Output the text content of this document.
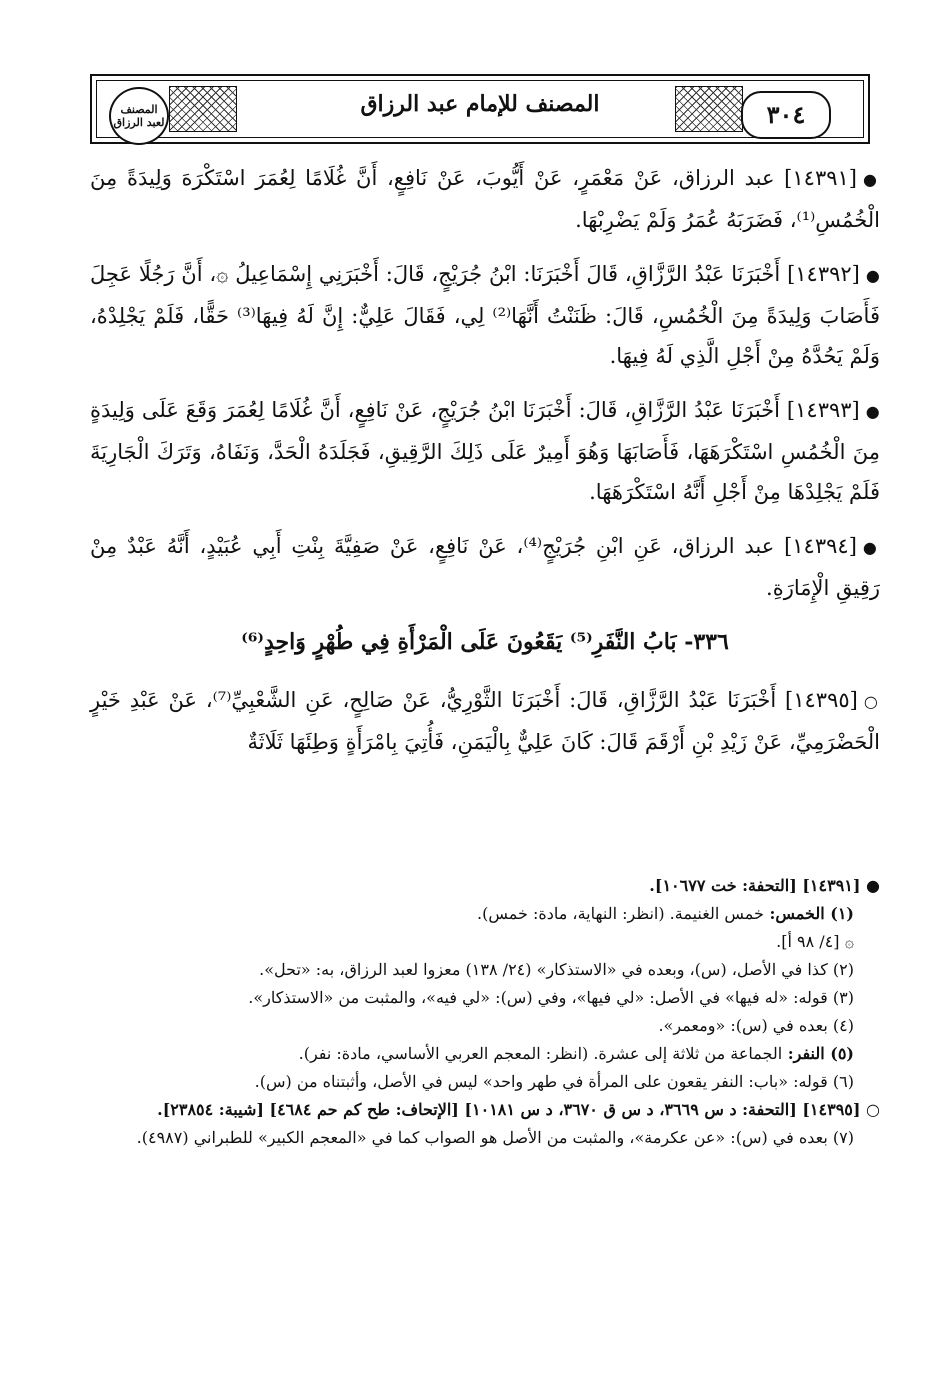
المصنف للإمام عبد الرزاق
المصنف
لعبد الرزاق	٣٠٤

●[١٤٣٩١] عبد الرزاق، عَنْ مَعْمَرٍ، عَنْ أَيُّوبَ، عَنْ نَافِعٍ، أَنَّ غُلَامًا لِعُمَرَ اسْتَكْرَهَ وَلِيدَةً مِنَ الْخُمُسِ⁽¹⁾، فَضَرَبَهُ عُمَرُ وَلَمْ يَضْرِبْهَا.

●[١٤٣٩٢] أَخْبَرَنَا عَبْدُ الرَّزَّاقِ، قَالَ أَخْبَرَنَا: ابْنُ جُرَيْجٍ، قَالَ: أَخْبَرَنِي إِسْمَاعِيلُ ۞، أَنَّ رَجُلًا عَجِلَ فَأَصَابَ وَلِيدَةً مِنَ الْخُمُسِ، قَالَ: ظَنَنْتُ أَنَّهَا⁽²⁾ لِي، فَقَالَ عَلِيٌّ: إِنَّ لَهُ فِيهَا⁽³⁾ حَقًّا، فَلَمْ يَجْلِدْهُ، وَلَمْ يَحُدَّهُ مِنْ أَجْلِ الَّذِي لَهُ فِيهَا.

●[١٤٣٩٣] أَخْبَرَنَا عَبْدُ الرَّزَّاقِ، قَالَ: أَخْبَرَنَا ابْنُ جُرَيْجٍ، عَنْ نَافِعٍ، أَنَّ غُلَامًا لِعُمَرَ وَقَعَ عَلَى وَلِيدَةٍ مِنَ الْخُمُسِ اسْتَكْرَهَهَا، فَأَصَابَهَا وَهُوَ أَمِيرٌ عَلَى ذَلِكَ الرَّقِيقِ، فَجَلَدَهُ الْحَدَّ، وَنَفَاهُ، وَتَرَكَ الْجَارِيَةَ فَلَمْ يَجْلِدْهَا مِنْ أَجْلِ أَنَّهُ اسْتَكْرَهَهَا.

●[١٤٣٩٤] عبد الرزاق، عَنِ ابْنِ جُرَيْجٍ⁽⁴⁾، عَنْ نَافِعٍ، عَنْ صَفِيَّةَ بِنْتِ أَبِي عُبَيْدٍ، أَنَّهُ عَبْدٌ مِنْ رَقِيقِ الْإِمَارَةِ.

٣٣٦- بَابُ النَّفَرِ⁽⁵⁾ يَقَعُونَ عَلَى الْمَرْأَةِ فِي طُهْرٍ وَاحِدٍ⁽⁶⁾

○[١٤٣٩٥] أَخْبَرَنَا عَبْدُ الرَّزَّاقِ، قَالَ: أَخْبَرَنَا الثَّوْرِيُّ، عَنْ صَالِحٍ، عَنِ الشَّعْبِيِّ⁽⁷⁾، عَنْ عَبْدِ خَيْرٍ الْحَضْرَمِيِّ، عَنْ زَيْدِ بْنِ أَرْقَمَ قَالَ: كَانَ عَلِيٌّ بِالْيَمَنِ، فَأُتِيَ بِامْرَأَةٍ وَطِئَهَا ثَلَاثَةٌ

● [١٤٣٩١] [التحفة: خت ١٠٦٧٧].

(١) الخمس: خمس الغنيمة. (انظر: النهاية، مادة: خمس).

۞ [٤/ ٩٨ أ].

(٢) كذا في الأصل، (س)، وبعده في «الاستذكار» (٢٤/ ١٣٨) معزوا لعبد الرزاق، به: «تحل».

(٣) قوله: «له فيها» في الأصل: «لي فيها»، وفي (س): «لي فيه»، والمثبت من «الاستذكار».

(٤) بعده في (س): «ومعمر».

(٥) النفر: الجماعة من ثلاثة إلى عشرة. (انظر: المعجم العربي الأساسي، مادة: نفر).

(٦) قوله: «باب: النفر يقعون على المرأة في طهر واحد» ليس في الأصل، وأثبتناه من (س).

○ [١٤٣٩٥] [التحفة: د س ٣٦٦٩، د س ق ٣٦٧٠، د س ١٠١٨١] [الإتحاف: طح كم حم ٤٦٨٤] [شيبة: ٢٣٨٥٤].

(٧) بعده في (س): «عن عكرمة»، والمثبت من الأصل هو الصواب كما في «المعجم الكبير» للطبراني (٤٩٨٧).
